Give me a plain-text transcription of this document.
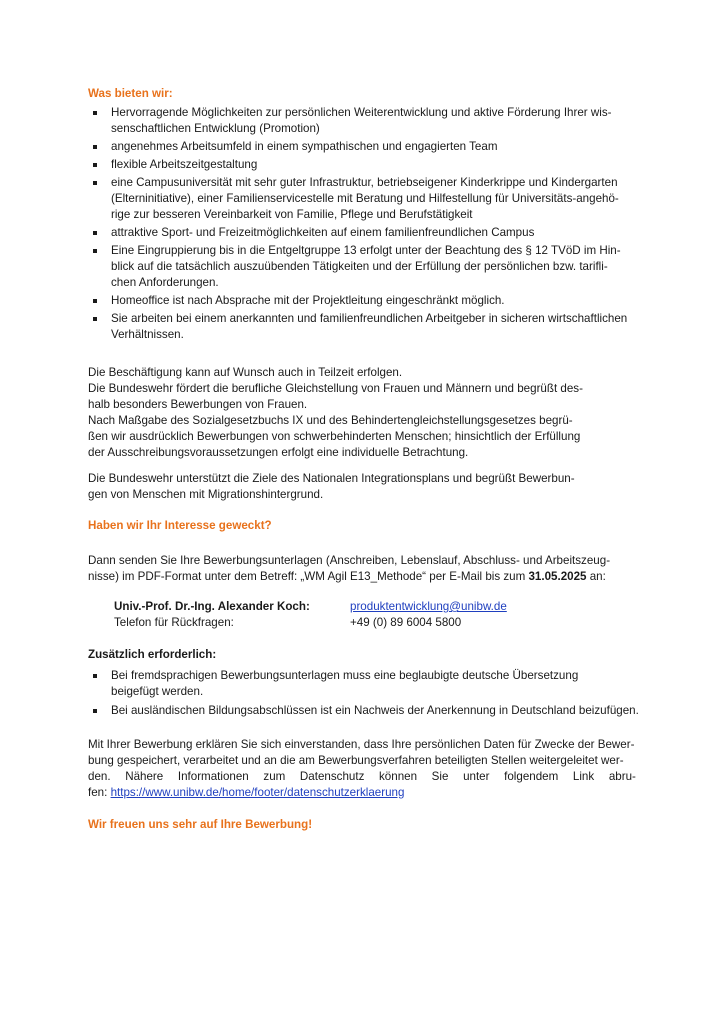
Was bieten wir:
Hervorragende Möglichkeiten zur persönlichen Weiterentwicklung und aktive Förderung Ihrer wis-
senschaftlichen Entwicklung (Promotion)
angenehmes Arbeitsumfeld in einem sympathischen und engagierten Team
flexible Arbeitszeitgestaltung
eine Campusuniversität mit sehr guter Infrastruktur, betriebseigener Kinderkrippe und Kindergarten
(Elterninitiative), einer Familienservicestelle mit Beratung und Hilfestellung für Universitäts-angehö-
rige zur besseren Vereinbarkeit von Familie, Pflege und Berufstätigkeit
attraktive Sport- und Freizeitmöglichkeiten auf einem familienfreundlichen Campus
Eine Eingruppierung bis in die Entgeltgruppe 13 erfolgt unter der Beachtung des § 12 TVöD im Hin-
blick auf die tatsächlich auszuübenden Tätigkeiten und der Erfüllung der persönlichen bzw. tarifli-
chen Anforderungen.
Homeoffice ist nach Absprache mit der Projektleitung eingeschränkt möglich.
Sie arbeiten bei einem anerkannten und familienfreundlichen Arbeitgeber in sicheren wirtschaftlichen
Verhältnissen.
Die Beschäftigung kann auf Wunsch auch in Teilzeit erfolgen.
Die Bundeswehr fördert die berufliche Gleichstellung von Frauen und Männern und begrüßt des-
halb besonders Bewerbungen von Frauen.
Nach Maßgabe des Sozialgesetzbuchs IX und des Behindertengleichstellungsgesetzes begrü-
ßen wir ausdrücklich Bewerbungen von schwerbehinderten Menschen; hinsichtlich der Erfüllung
der Ausschreibungsvoraussetzungen erfolgt eine individuelle Betrachtung.
Die Bundeswehr unterstützt die Ziele des Nationalen Integrationsplans und begrüßt Bewerbun-
gen von Menschen mit Migrationshintergrund.
Haben wir Ihr Interesse geweckt?
Dann senden Sie Ihre Bewerbungsunterlagen (Anschreiben, Lebenslauf, Abschluss- und Arbeitszeug-
nisse) im PDF-Format unter dem Betreff: „WM Agil E13_Methode“ per E-Mail bis zum 31.05.2025 an:
Univ.-Prof. Dr.-Ing. Alexander Koch:	produktentwicklung@unibw.de
Telefon für Rückfragen:	+49 (0) 89 6004 5800
Zusätzlich erforderlich:
Bei fremdsprachigen Bewerbungsunterlagen muss eine beglaubigte deutsche Übersetzung
beigefügt werden.
Bei ausländischen Bildungsabschlüssen ist ein Nachweis der Anerkennung in Deutschland beizufügen.
Mit Ihrer Bewerbung erklären Sie sich einverstanden, dass Ihre persönlichen Daten für Zwecke der Bewer-
bung gespeichert, verarbeitet und an die am Bewerbungsverfahren beteiligten Stellen weitergeleitet wer-
den. Nähere Informationen zum Datenschutz können Sie unter folgendem Link abru-
fen: https://www.unibw.de/home/footer/datenschutzerklaerung
Wir freuen uns sehr auf Ihre Bewerbung!
